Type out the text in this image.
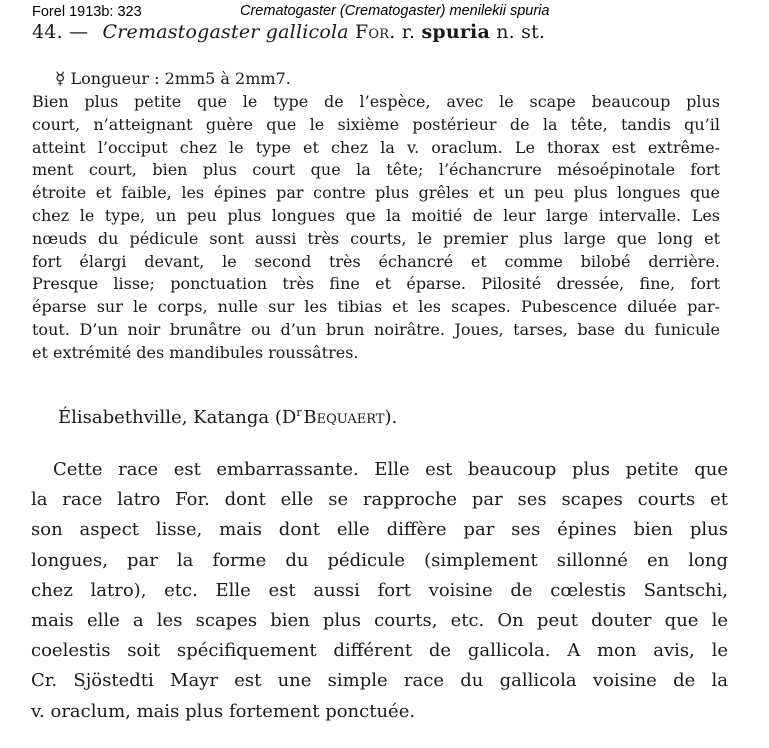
Forel 1913b: 323	Crematogaster (Crematogaster) menilekii spuria
44. — Cremastogaster gallicola For. r. spuria n. st.
☿ Longueur : 2mm5 à 2mm7.
Bien plus petite que le type de l’espèce, avec le scape beaucoup plus
court, n’atteignant guère que le sixième postérieur de la tête, tandis qu’il
atteint l’occiput chez le type et chez la v. oraclum. Le thorax est extrême-
ment court, bien plus court que la tête; l’échancrure mésoépinotale fort
étroite et faible, les épines par contre plus grêles et un peu plus longues que
chez le type, un peu plus longues que la moitié de leur large intervalle. Les
nœuds du pédicule sont aussi très courts, le premier plus large que long et
fort élargi devant, le second très échancré et comme bilobé derrière.
Presque lisse; ponctuation très fine et éparse. Pilosité dressée, fine, fort
éparse sur le corps, nulle sur les tibias et les scapes. Pubescence diluée par-
tout. D’un noir brunâtre ou d’un brun noirâtre. Joues, tarses, base du funicule
et extrémité des mandibules roussâtres.
Élisabethville, Katanga ($D^r$ Bequaert).
Cette race est embarrassante. Elle est beaucoup plus petite que
la race latro For. dont elle se rapproche par ses scapes courts et
son aspect lisse, mais dont elle diffère par ses épines bien plus
longues, par la forme du pédicule (simplement sillonné en long
chez latro), etc. Elle est aussi fort voisine de cœlestis Santschi,
mais elle a les scapes bien plus courts, etc. On peut douter que le
coelestis soit spécifiquement différent de gallicola. A mon avis, le
Cr. Sjöstedti Mayr est une simple race du gallicola voisine de la
v. oraclum, mais plus fortement ponctuée.
